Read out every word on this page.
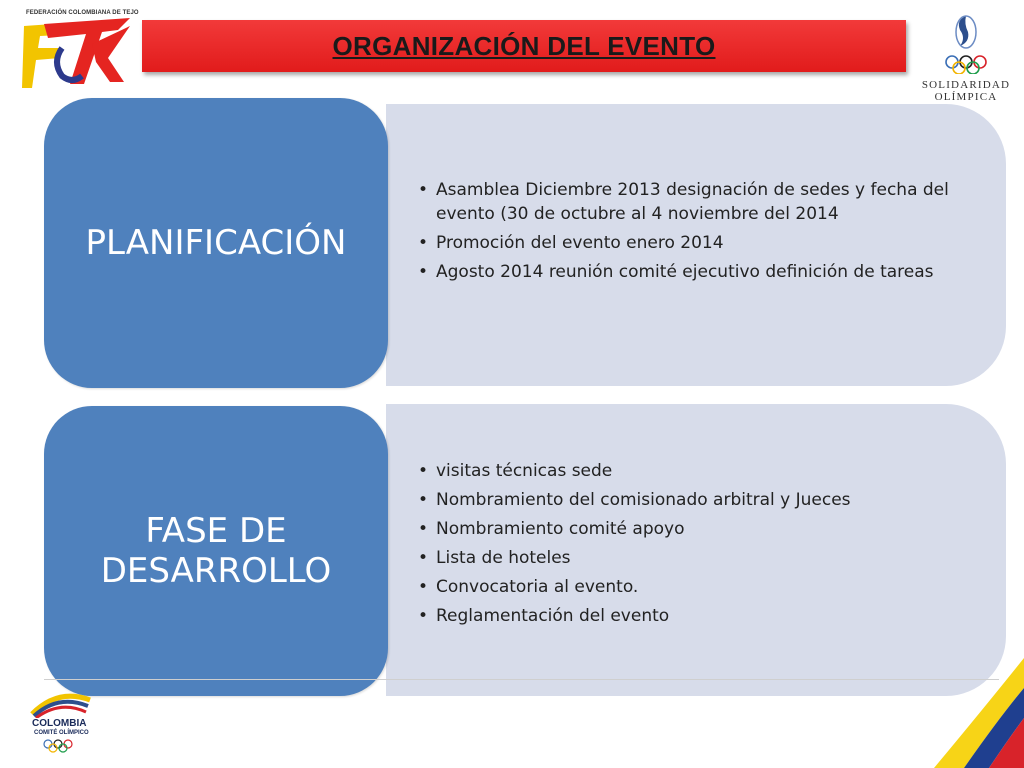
FEDERACIÓN COLOMBIANA DE TEJO
ORGANIZACIÓN DEL EVENTO
SOLIDARIDAD
OLÍMPICA
PLANIFICACIÓN
• Asamblea Diciembre 2013 designación de sedes y fecha del evento (30 de octubre al 4 noviembre del 2014
• Promoción del evento enero 2014
• Agosto 2014 reunión comité ejecutivo definición de tareas
FASE DE
DESARROLLO
• visitas técnicas sede
• Nombramiento del comisionado arbitral y Jueces
• Nombramiento comité apoyo
• Lista de hoteles
• Convocatoria al evento.
• Reglamentación del evento
COLOMBIA
COMITÉ OLÍMPICO
